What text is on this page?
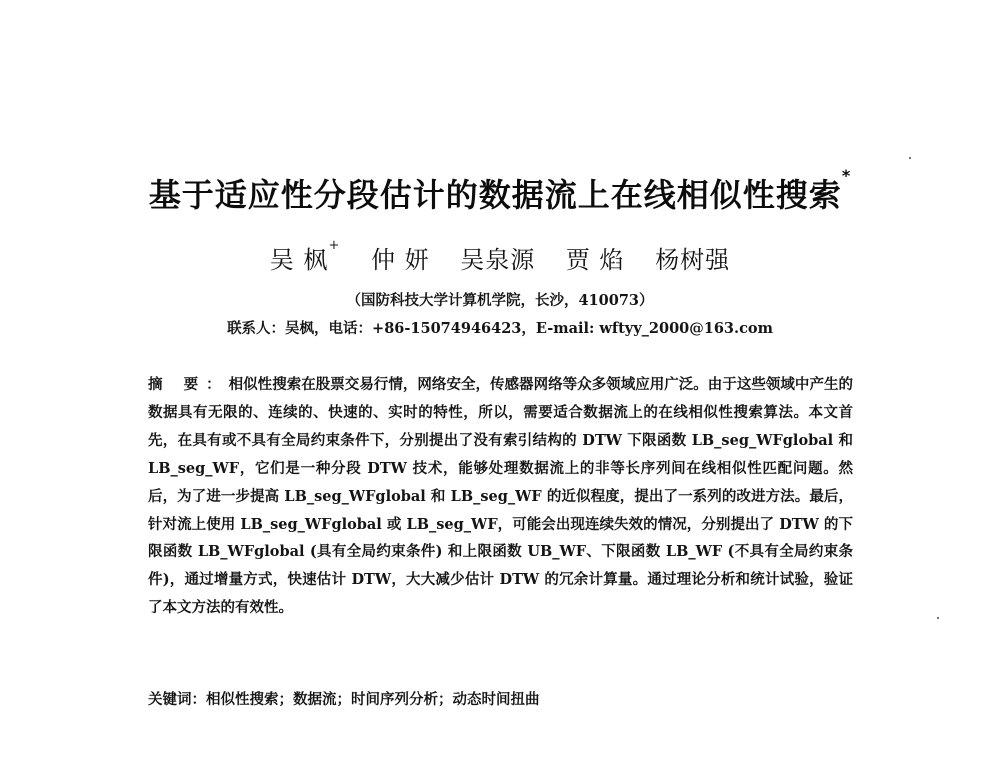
基于适应性分段估计的数据流上在线相似性搜索*
吴 枫+ 仲 妍 吴泉源 贾 焰 杨树强
（国防科技大学计算机学院，长沙，410073）
联系人：吴枫，电话：+86-15074946423，E-mail: wftyy_2000@163.com
摘 要：相似性搜索在股票交易行情，网络安全，传感器网络等众多领域应用广泛。由于这些领域中产生的数据具有无限的、连续的、快速的、实时的特性，所以，需要适合数据流上的在线相似性搜索算法。本文首先，在具有或不具有全局约束条件下，分别提出了没有索引结构的 DTW 下限函数 LB_seg_WFglobal 和 LB_seg_WF，它们是一种分段 DTW 技术，能够处理数据流上的非等长序列间在线相似性匹配问题。然后，为了进一步提高 LB_seg_WFglobal 和 LB_seg_WF 的近似程度，提出了一系列的改进方法。最后，针对流上使用 LB_seg_WFglobal 或 LB_seg_WF，可能会出现连续失效的情况，分别提出了 DTW 的下限函数 LB_WFglobal (具有全局约束条件) 和上限函数 UB_WF、下限函数 LB_WF (不具有全局约束条件)，通过增量方式，快速估计 DTW，大大减少估计 DTW 的冗余计算量。通过理论分析和统计试验，验证了本文方法的有效性。
关键词：相似性搜索；数据流；时间序列分析；动态时间扭曲
